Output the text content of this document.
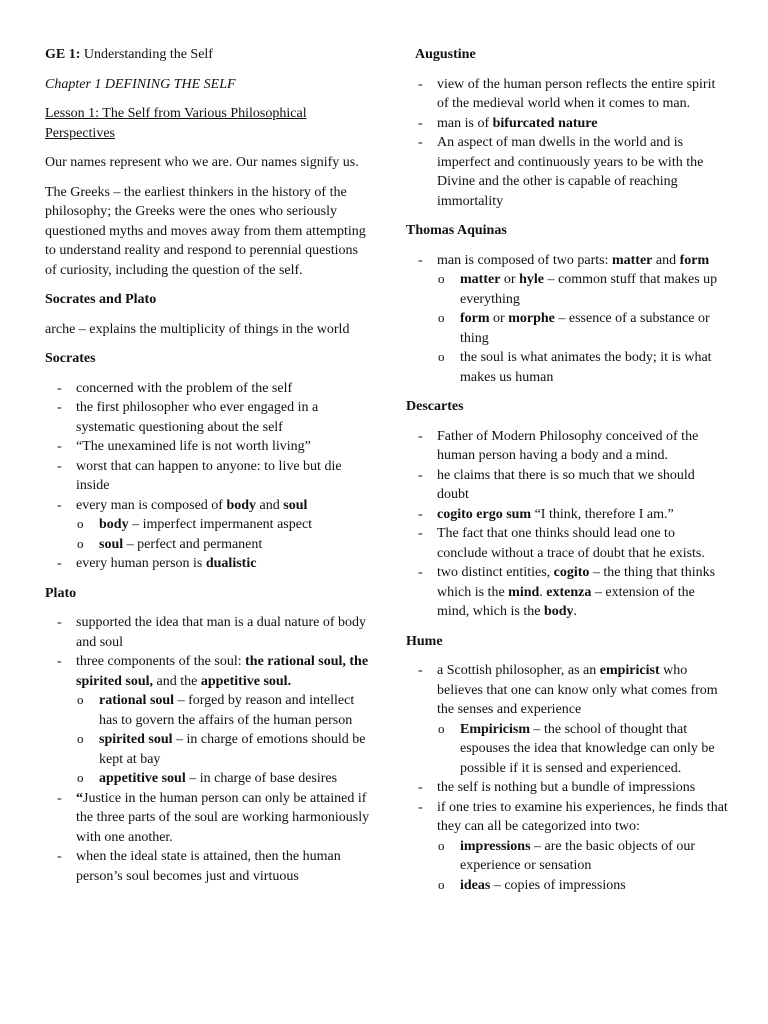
GE 1: Understanding the Self

Chapter 1 DEFINING THE SELF

Lesson 1: The Self from Various Philosophical Perspectives

Our names represent who we are. Our names signify us.

The Greeks – the earliest thinkers in the history of the philosophy; the Greeks were the ones who seriously questioned myths and moves away from them attempting to understand reality and respond to perennial questions of curiosity, including the question of the self.

Socrates and Plato

arche – explains the multiplicity of things in the world

Socrates

- concerned with the problem of the self
- the first philosopher who ever engaged in a systematic questioning about the self
- “The unexamined life is not worth living”
- worst that can happen to anyone: to live but die inside
- every man is composed of body and soul
o body – imperfect impermanent aspect
o soul – perfect and permanent
- every human person is dualistic

Plato

- supported the idea that man is a dual nature of body and soul
- three components of the soul: the rational soul, the spirited soul, and the appetitive soul.
o rational soul – forged by reason and intellect has to govern the affairs of the human person
o spirited soul – in charge of emotions should be kept at bay
o appetitive soul – in charge of base desires
- “Justice in the human person can only be attained if the three parts of the soul are working harmoniously with one another.
- when the ideal state is attained, then the human person’s soul becomes just and virtuous

Augustine

- view of the human person reflects the entire spirit of the medieval world when it comes to man.
- man is of bifurcated nature
- An aspect of man dwells in the world and is imperfect and continuously years to be with the Divine and the other is capable of reaching immortality

Thomas Aquinas

- man is composed of two parts: matter and form
o matter or hyle – common stuff that makes up everything
o form or morphe – essence of a substance or thing
o the soul is what animates the body; it is what makes us human

Descartes

- Father of Modern Philosophy conceived of the human person having a body and a mind.
- he claims that there is so much that we should doubt
- cogito ergo sum “I think, therefore I am.”
- The fact that one thinks should lead one to conclude without a trace of doubt that he exists.
- two distinct entities, cogito – the thing that thinks which is the mind. extenza – extension of the mind, which is the body.

Hume

- a Scottish philosopher, as an empiricist who believes that one can know only what comes from the senses and experience
o Empiricism – the school of thought that espouses the idea that knowledge can only be possible if it is sensed and experienced.
- the self is nothing but a bundle of impressions
- if one tries to examine his experiences, he finds that they can all be categorized into two:
o impressions – are the basic objects of our experience or sensation
o ideas – copies of impressions
